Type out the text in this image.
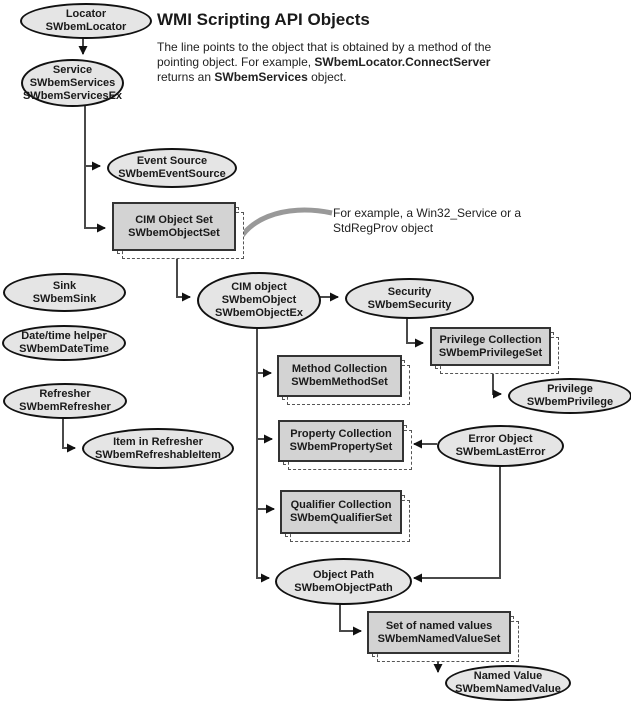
WMI Scripting API Objects
The line points to the object that is obtained by a method of the pointing object. For example, SWbemLocator.ConnectServer returns an SWbemServices object.
For example, a Win32_Service or a StdRegProv object
Locator
SWbemLocator
Service
SWbemServices
SWbemServicesEx
Event Source
SWbemEventSource
Sink
SWbemSink
Date/time helper
SWbemDateTime
Refresher
SWbemRefresher
Item in Refresher
SWbemRefreshableItem
CIM object
SWbemObject
SWbemObjectEx
Security
SWbemSecurity
Privilege
SWbemPrivilege
Error Object
SWbemLastError
Object Path
SWbemObjectPath
Named Value
SWbemNamedValue
CIM Object Set
SWbemObjectSet
Privilege Collection
SWbemPrivilegeSet
Method Collection
SWbemMethodSet
Property Collection
SWbemPropertySet
Qualifier Collection
SWbemQualifierSet
Set of named values
SWbemNamedValueSet
